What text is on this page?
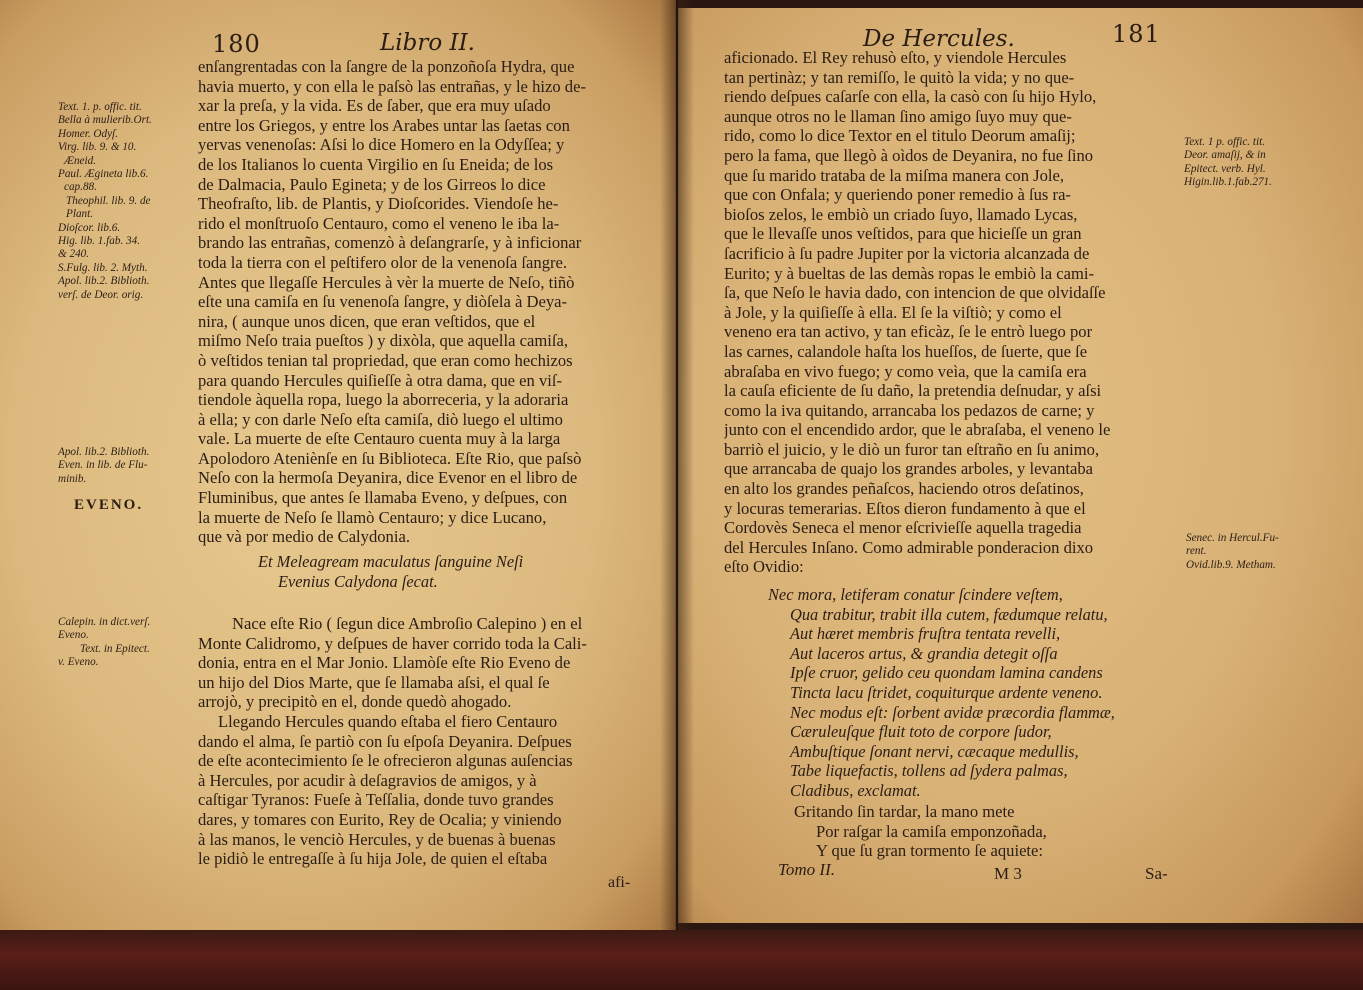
180	Libro II.
Text. 1. p. offic. tit.
Bella à mulierib.Ort.
Homer. Odyſ.
Virg. lib. 9. & 10.
Æneid.
Paul. Ægineta lib.6.
cap.88.
Theophil. lib. 9. de
Plant.
Dioſcor. lib.6.
Hig. lib. 1.fab. 34.
& 240.
S.Fulg. lib. 2. Myth.
Apol. lib.2. Biblioth.
verſ. de Deor. orig.
Apol. lib.2. Biblioth.
Even. in lib. de Flu-
minib.
EVENO.
Calepin. in dict.verſ.
Eveno.
Text. in Epitect.
v. Eveno.
enſangrentadas con la ſangre de la ponzoñoſa Hydra, que
havia muerto, y con ella le paſsò las entrañas, y le hizo de-
xar la preſa, y la vida. Es de ſaber, que era muy uſado
entre los Griegos, y entre los Arabes untar las ſaetas con
yervas venenoſas: Aſsi lo dice Homero en la Odyſſea; y
de los Italianos lo cuenta Virgilio en ſu Eneida; de los
de Dalmacia, Paulo Egineta; y de los Girreos lo dice
Theofraſto, lib. de Plantis, y Dioſcorides. Viendoſe he-
rido el monſtruoſo Centauro, como el veneno le iba la-
brando las entrañas, comenzò à deſangrarſe, y à inficionar
toda la tierra con el peſtifero olor de la venenoſa ſangre.
Antes que llegaſſe Hercules à vèr la muerte de Neſo, tiñò
eſte una camiſa en ſu venenoſa ſangre, y diòſela à Deya-
nira, ( aunque unos dicen, que eran veſtidos, que el
miſmo Neſo traia pueſtos ) y dixòla, que aquella camiſa,
ò veſtidos tenian tal propriedad, que eran como hechizos
para quando Hercules quiſieſſe à otra dama, que en viſ-
tiendole àquella ropa, luego la aborreceria, y la adoraria
à ella; y con darle Neſo eſta camiſa, diò luego el ultimo
vale. La muerte de eſte Centauro cuenta muy à la larga
Apolodoro Ateniènſe en ſu Biblioteca. Eſte Rio, que paſsò
Neſo con la hermoſa Deyanira, dice Evenor en el libro de
Fluminibus, que antes ſe llamaba Eveno, y deſpues, con
la muerte de Neſo ſe llamò Centauro; y dice Lucano,
que và por medio de Calydonia.
Et Meleagream maculatus ſanguine Neſi
Evenius Calydona ſecat.
Nace eſte Rio ( ſegun dice Ambroſio Calepino ) en el
Monte Calidromo, y deſpues de haver corrido toda la Cali-
donia, entra en el Mar Jonio. Llamòſe eſte Rio Eveno de
un hijo del Dios Marte, que ſe llamaba aſsi, el qual ſe
arrojò, y precipitò en el, donde quedò ahogado.
Llegando Hercules quando eſtaba el fiero Centauro
dando el alma, ſe partiò con ſu eſpoſa Deyanira. Deſpues
de eſte acontecimiento ſe le ofrecieron algunas auſencias
à Hercules, por acudir à deſagravios de amigos, y à
caſtigar Tyranos: Fueſe à Teſſalia, donde tuvo grandes
dares, y tomares con Eurito, Rey de Ocalia; y viniendo
à las manos, le venciò Hercules, y de buenas à buenas
le pidiò le entregaſſe à ſu hija Jole, de quien el eſtaba
afi-
De Hercules.	181
aficionado. El Rey rehusò eſto, y viendole Hercules
tan pertinàz; y tan remiſſo, le quitò la vida; y no que-
riendo deſpues caſarſe con ella, la casò con ſu hijo Hylo,
aunque otros no le llaman ſino amigo ſuyo muy que-
rido, como lo dice Textor en el titulo Deorum amaſij;
pero la fama, que llegò à oìdos de Deyanira, no fue ſino
que ſu marido trataba de la miſma manera con Jole,
que con Onfala; y queriendo poner remedio à ſus ra-
bioſos zelos, le embiò un criado ſuyo, llamado Lycas,
que le llevaſſe unos veſtidos, para que hicieſſe un gran
ſacrificio à ſu padre Jupiter por la victoria alcanzada de
Eurito; y à bueltas de las demàs ropas le embiò la cami-
ſa, que Neſo le havia dado, con intencion de que olvidaſſe
à Jole, y la quiſieſſe à ella. El ſe la viſtiò; y como el
veneno era tan activo, y tan eficàz, ſe le entrò luego por
las carnes, calandole haſta los hueſſos, de ſuerte, que ſe
abraſaba en vivo fuego; y como veìa, que la camiſa era
la cauſa eficiente de ſu daño, la pretendia deſnudar, y aſsi
como la iva quitando, arrancaba los pedazos de carne; y
junto con el encendido ardor, que le abraſaba, el veneno le
barriò el juicio, y le diò un furor tan eſtraño en ſu animo,
que arrancaba de quajo los grandes arboles, y levantaba
en alto los grandes peñaſcos, haciendo otros deſatinos,
y locuras temerarias. Eſtos dieron fundamento à que el
Cordovès Seneca el menor eſcrivieſſe aquella tragedia
del Hercules Inſano. Como admirable ponderacion dixo
eſto Ovidio:
Nec mora, letiferam conatur ſcindere veſtem,
Qua trabitur, trabit illa cutem, fædumque relatu,
Aut hæret membris fruſtra tentata revelli,
Aut laceros artus, & grandia detegit oſſa
Ipſe cruor, gelido ceu quondam lamina candens
Tincta lacu ſtridet, coquiturque ardente veneno.
Nec modus eſt: ſorbent avidæ præcordia flammæ,
Cæruleuſque fluit toto de corpore ſudor,
Ambuſtique ſonant nervi, cæcaque medullis,
Tabe liquefactis, tollens ad ſydera palmas,
Cladibus, exclamat.
Gritando ſin tardar, la mano mete
Por raſgar la camiſa emponzoñada,
Y que ſu gran tormento ſe aquiete:
Tomo II.	M 3	Sa-
Text. 1 p. offic. tit.
Deor. amaſij, & in
Epitect. verb. Hyl.
Higin.lib.1.fab.271.
Senec. in Hercul.Fu-
rent.
Ovid.lib.9. Metham.
